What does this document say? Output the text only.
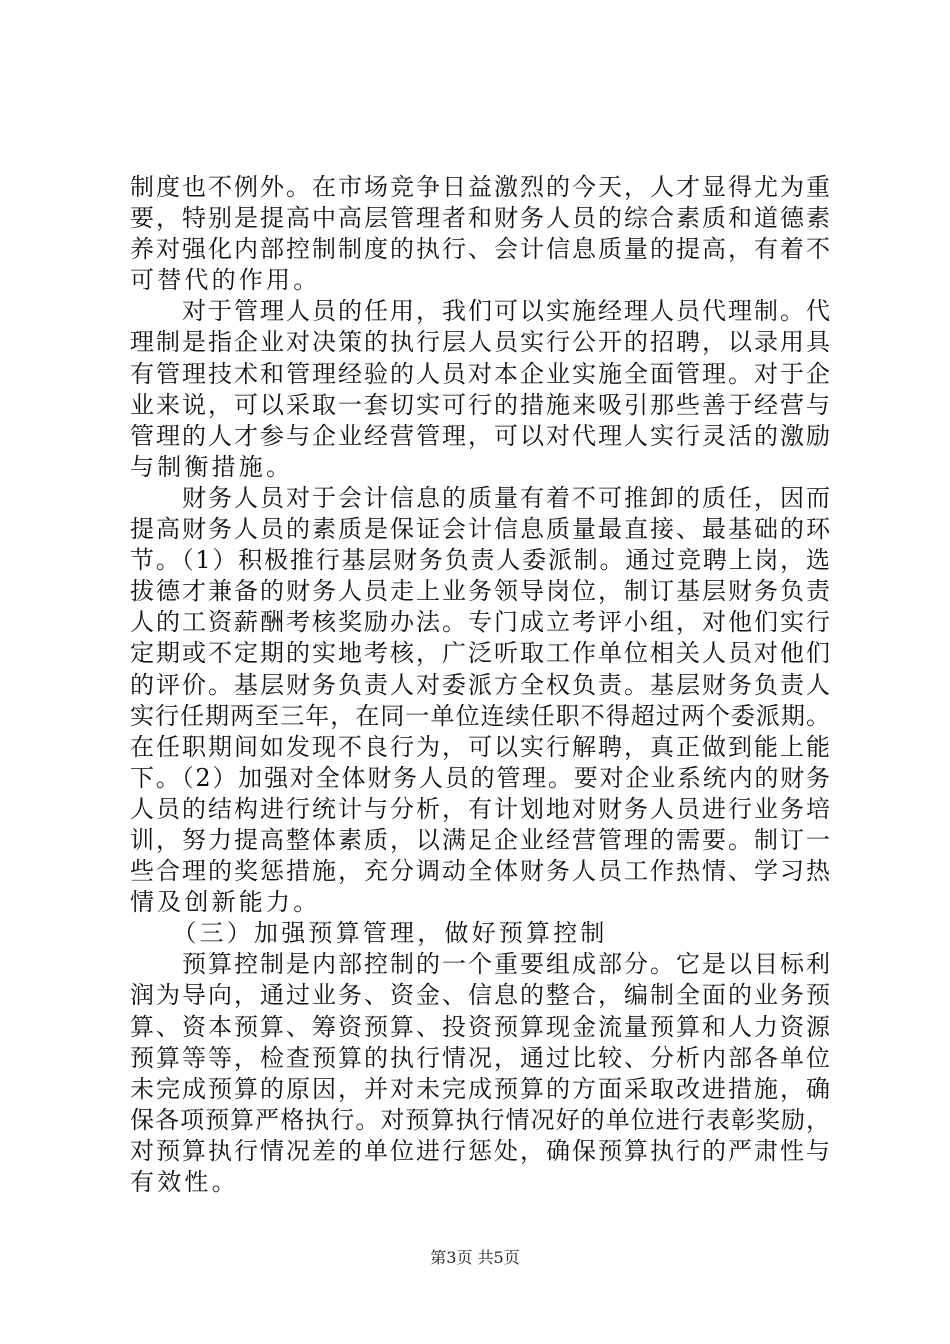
制度也不例外。在市场竞争日益激烈的今天，人才显得尤为重
要，特别是提高中高层管理者和财务人员的综合素质和道德素
养对强化内部控制制度的执行、会计信息质量的提高，有着不
可替代的作用。
　　对于管理人员的任用，我们可以实施经理人员代理制。代
理制是指企业对决策的执行层人员实行公开的招聘，以录用具
有管理技术和管理经验的人员对本企业实施全面管理。对于企
业来说，可以采取一套切实可行的措施来吸引那些善于经营与
管理的人才参与企业经营管理，可以对代理人实行灵活的激励
与制衡措施。
　　财务人员对于会计信息的质量有着不可推卸的质任，因而
提高财务人员的素质是保证会计信息质量最直接、最基础的环
节。（1）积极推行基层财务负责人委派制。通过竞聘上岗，选
拔德才兼备的财务人员走上业务领导岗位，制订基层财务负责
人的工资薪酬考核奖励办法。专门成立考评小组，对他们实行
定期或不定期的实地考核，广泛听取工作单位相关人员对他们
的评价。基层财务负责人对委派方全权负责。基层财务负责人
实行任期两至三年，在同一单位连续任职不得超过两个委派期。
在任职期间如发现不良行为，可以实行解聘，真正做到能上能
下。（2）加强对全体财务人员的管理。要对企业系统内的财务
人员的结构进行统计与分析，有计划地对财务人员进行业务培
训，努力提高整体素质，以满足企业经营管理的需要。制订一
些合理的奖惩措施，充分调动全体财务人员工作热情、学习热
情及创新能力。
　　（三）加强预算管理，做好预算控制
　　预算控制是内部控制的一个重要组成部分。它是以目标利
润为导向，通过业务、资金、信息的整合，编制全面的业务预
算、资本预算、筹资预算、投资预算现金流量预算和人力资源
预算等等，检查预算的执行情况，通过比较、分析内部各单位
未完成预算的原因，并对未完成预算的方面采取改进措施，确
保各项预算严格执行。对预算执行情况好的单位进行表彰奖励，
对预算执行情况差的单位进行惩处，确保预算执行的严肃性与
有效性。
第3页 共5页
